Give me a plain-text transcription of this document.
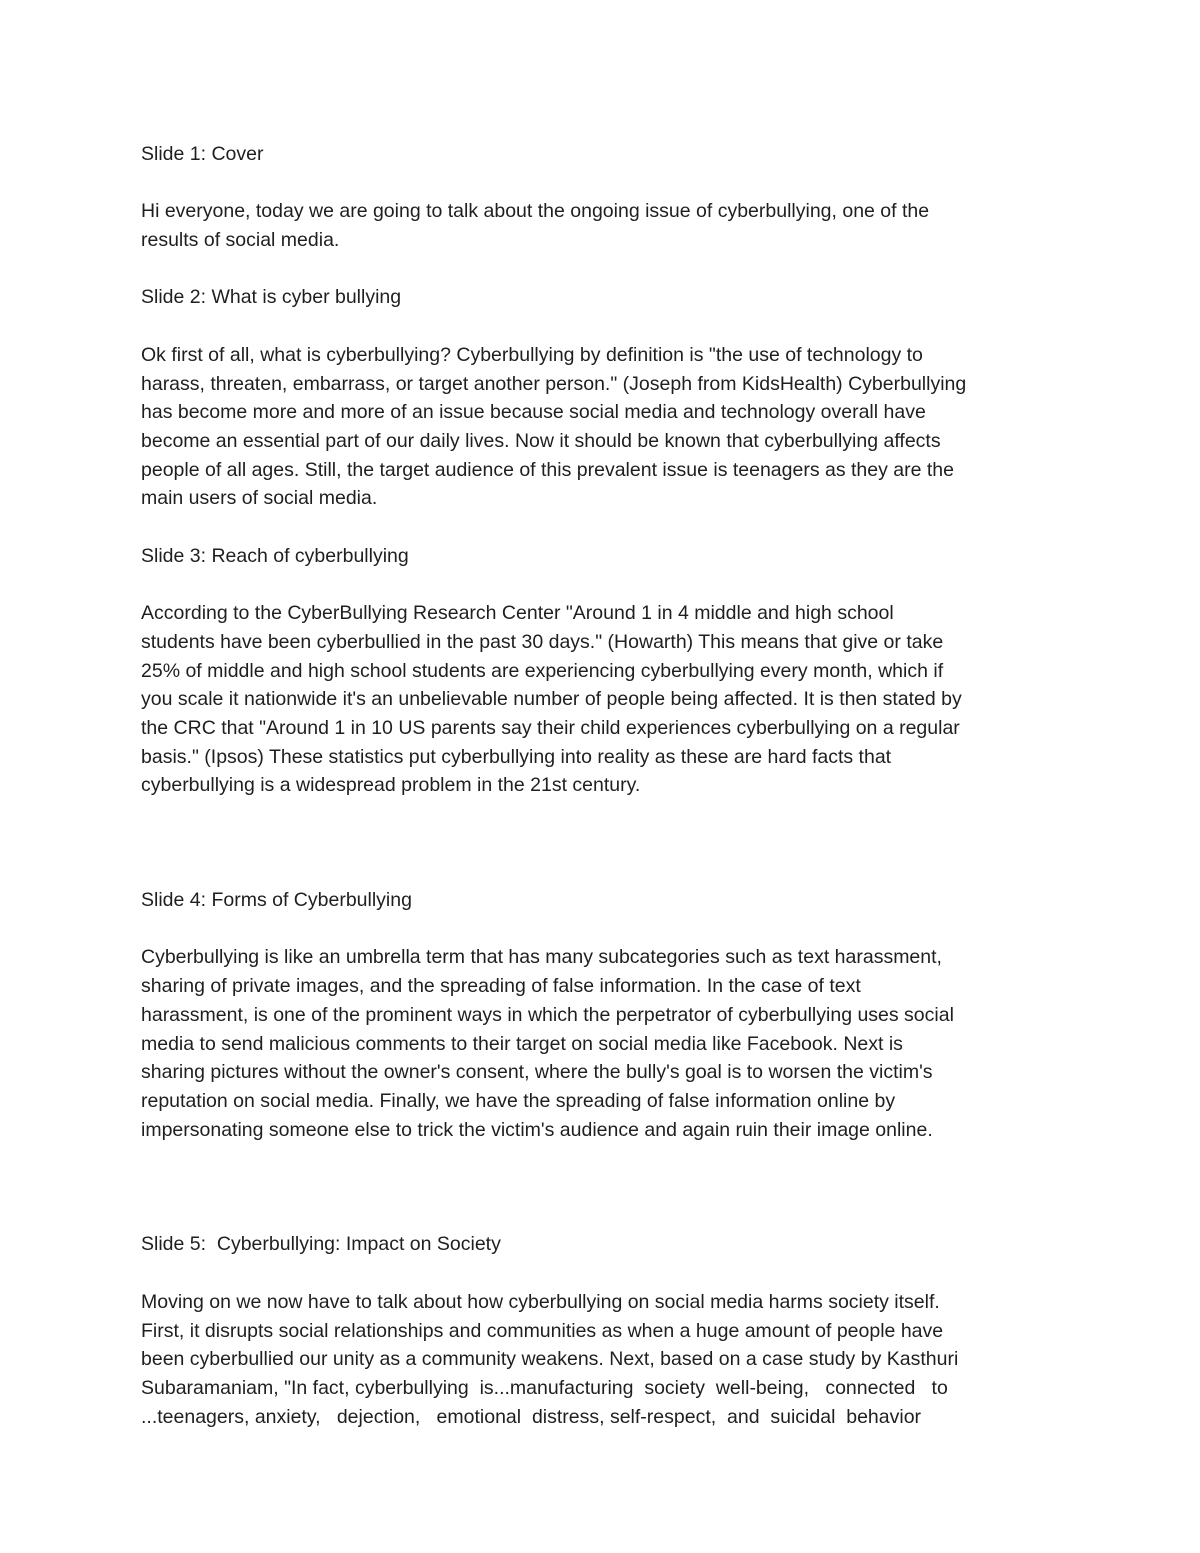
Slide 1: Cover

Hi everyone, today we are going to talk about the ongoing issue of cyberbullying, one of the
results of social media.

Slide 2: What is cyber bullying

Ok first of all, what is cyberbullying? Cyberbullying by definition is "the use of technology to
harass, threaten, embarrass, or target another person." (Joseph from KidsHealth) Cyberbullying
has become more and more of an issue because social media and technology overall have
become an essential part of our daily lives. Now it should be known that cyberbullying affects
people of all ages. Still, the target audience of this prevalent issue is teenagers as they are the
main users of social media.

Slide 3: Reach of cyberbullying

According to the CyberBullying Research Center "Around 1 in 4 middle and high school
students have been cyberbullied in the past 30 days." (Howarth) This means that give or take
25% of middle and high school students are experiencing cyberbullying every month, which if
you scale it nationwide it's an unbelievable number of people being affected. It is then stated by
the CRC that "Around 1 in 10 US parents say their child experiences cyberbullying on a regular
basis." (Ipsos) These statistics put cyberbullying into reality as these are hard facts that
cyberbullying is a widespread problem in the 21st century.

Slide 4: Forms of Cyberbullying

Cyberbullying is like an umbrella term that has many subcategories such as text harassment,
sharing of private images, and the spreading of false information. In the case of text
harassment, is one of the prominent ways in which the perpetrator of cyberbullying uses social
media to send malicious comments to their target on social media like Facebook. Next is
sharing pictures without the owner's consent, where the bully's goal is to worsen the victim's
reputation on social media. Finally, we have the spreading of false information online by
impersonating someone else to trick the victim's audience and again ruin their image online.

Slide 5:  Cyberbullying: Impact on Society

Moving on we now have to talk about how cyberbullying on social media harms society itself.
First, it disrupts social relationships and communities as when a huge amount of people have
been cyberbullied our unity as a community weakens. Next, based on a case study by Kasthuri
Subaramaniam, "In fact, cyberbullying  is...manufacturing  society  well-being,   connected   to
...teenagers, anxiety,   dejection,   emotional  distress, self-respect,  and  suicidal  behavior
